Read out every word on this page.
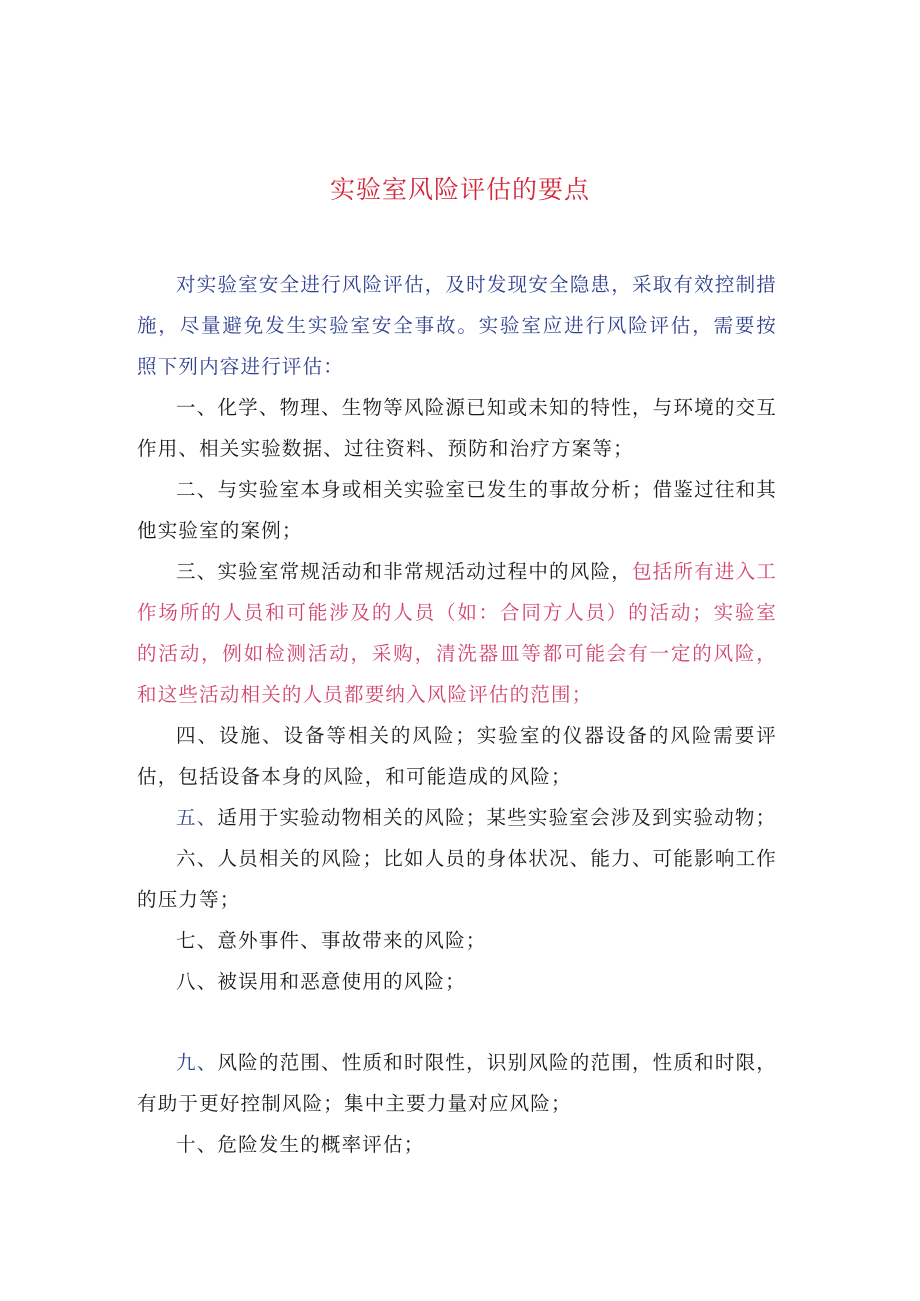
实验室风险评估的要点

对实验室安全进行风险评估，及时发现安全隐患，采取有效控制措施，尽量避免发生实验室安全事故。实验室应进行风险评估，需要按照下列内容进行评估：

一、化学、物理、生物等风险源已知或未知的特性，与环境的交互作用、相关实验数据、过往资料、预防和治疗方案等；

二、与实验室本身或相关实验室已发生的事故分析；借鉴过往和其他实验室的案例；

三、实验室常规活动和非常规活动过程中的风险，包括所有进入工作场所的人员和可能涉及的人员（如：合同方人员）的活动；实验室的活动，例如检测活动，采购，清洗器皿等都可能会有一定的风险，和这些活动相关的人员都要纳入风险评估的范围；

四、设施、设备等相关的风险；实验室的仪器设备的风险需要评估，包括设备本身的风险，和可能造成的风险；

五、适用于实验动物相关的风险；某些实验室会涉及到实验动物；

六、人员相关的风险；比如人员的身体状况、能力、可能影响工作的压力等；

七、意外事件、事故带来的风险；

八、被误用和恶意使用的风险；

九、风险的范围、性质和时限性，识别风险的范围，性质和时限，有助于更好控制风险；集中主要力量对应风险；

十、危险发生的概率评估；
